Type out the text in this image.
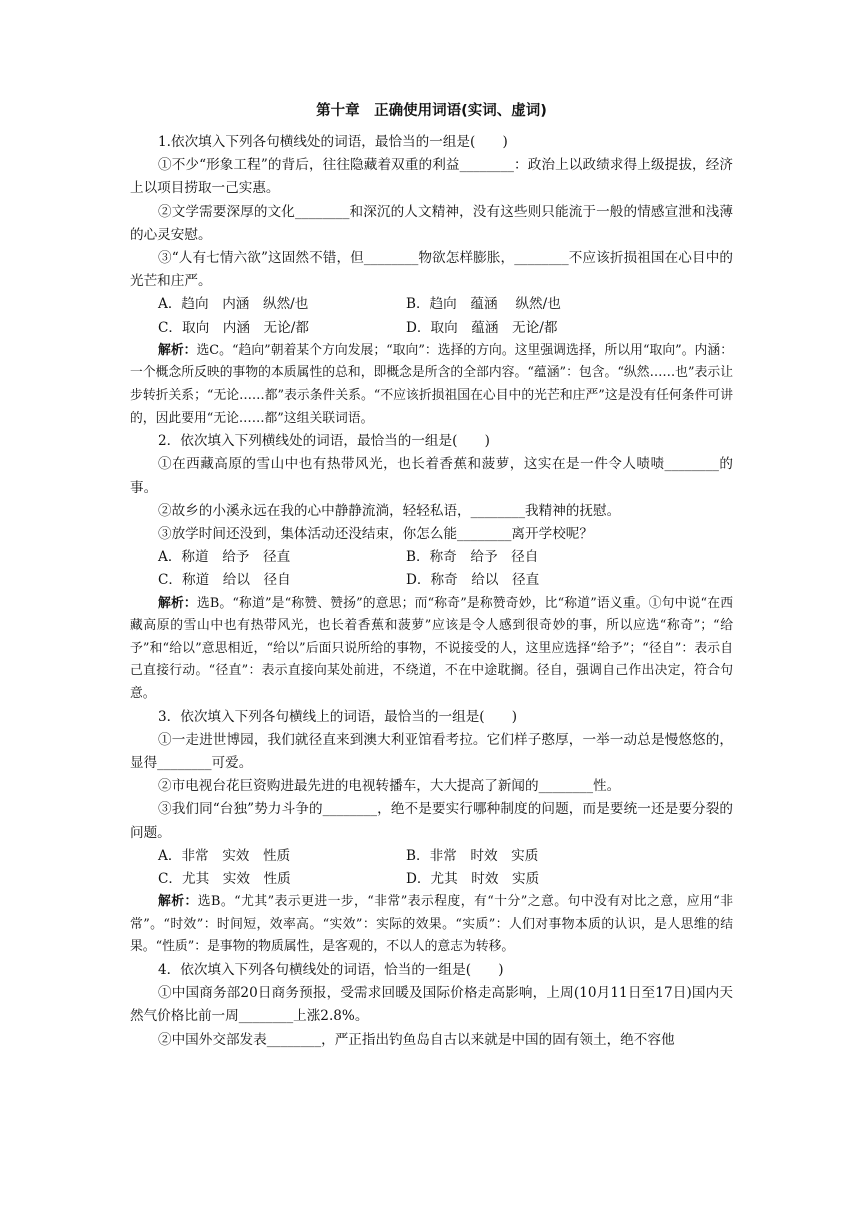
第十章　正确使用词语(实词、虚词)

1.依次填入下列各句横线处的词语，最恰当的一组是(　　)

①不少“形象工程”的背后，往往隐藏着双重的利益________：政治上以政绩求得上级提拔，经济上以项目捞取一己实惠。

②文学需要深厚的文化________和深沉的人文精神，没有这些则只能流于一般的情感宣泄和浅薄的心灵安慰。

③“人有七情六欲”这固然不错，但________物欲怎样膨胀，________不应该折损祖国在心目中的光芒和庄严。

A．趋向　内涵　纵然/也	B．趋向　蕴涵　 纵然/也
C．取向　内涵　无论/都	D．取向　蕴涵　无论/都

解析：选C。“趋向”朝着某个方向发展；“取向”：选择的方向。这里强调选择，所以用“取向”。内涵：一个概念所反映的事物的本质属性的总和，即概念是所含的全部内容。“蕴涵”：包含。“纵然……也”表示让步转折关系；“无论……都”表示条件关系。“不应该折损祖国在心目中的光芒和庄严”这是没有任何条件可讲的，因此要用“无论……都”这组关联词语。

2．依次填入下列横线处的词语，最恰当的一组是(　　)

①在西藏高原的雪山中也有热带风光，也长着香蕉和菠萝，这实在是一件令人啧啧________的事。

②故乡的小溪永远在我的心中静静流淌，轻轻私语，________我精神的抚慰。

③放学时间还没到，集体活动还没结束，你怎么能________离开学校呢？

A．称道　给予　径直	B．称奇　给予　径自
C．称道　给以　径自	D．称奇　给以　径直

解析：选B。“称道”是“称赞、赞扬”的意思；而“称奇”是称赞奇妙，比“称道”语义重。①句中说“在西藏高原的雪山中也有热带风光，也长着香蕉和菠萝”应该是令人感到很奇妙的事，所以应选“称奇”；“给予”和“给以”意思相近，“给以”后面只说所给的事物，不说接受的人，这里应选择“给予”；“径自”：表示自己直接行动。“径直”：表示直接向某处前进，不绕道，不在中途耽搁。径自，强调自己作出决定，符合句意。

3．依次填入下列各句横线上的词语，最恰当的一组是(　　)

①一走进世博园，我们就径直来到澳大利亚馆看考拉。它们样子憨厚，一举一动总是慢悠悠的，显得________可爱。

②市电视台花巨资购进最先进的电视转播车，大大提高了新闻的________性。

③我们同“台独”势力斗争的________，绝不是要实行哪种制度的问题，而是要统一还是要分裂的问题。

A．非常　实效　性质	B．非常　时效　实质
C．尤其　实效　性质	D．尤其　时效　实质

解析：选B。“尤其”表示更进一步，“非常”表示程度，有“十分”之意。句中没有对比之意，应用“非常”。“时效”：时间短，效率高。“实效”：实际的效果。“实质”：人们对事物本质的认识，是人思维的结果。“性质”：是事物的物质属性，是客观的，不以人的意志为转移。

4．依次填入下列各句横线处的词语，恰当的一组是(　　)

①中国商务部20日商务预报，受需求回暖及国际价格走高影响，上周(10月11日至17日)国内天然气价格比前一周________上涨2.8%。

②中国外交部发表________，严正指出钓鱼岛自古以来就是中国的固有领土，绝不容他
